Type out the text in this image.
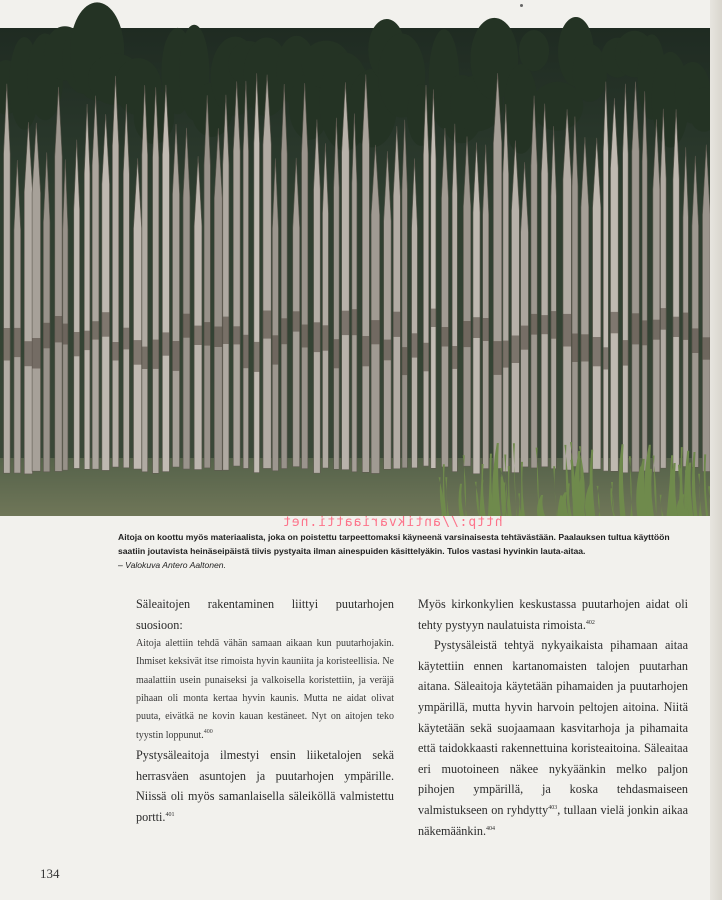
http://antikvariaatti.net
Aitoja on koottu myös materiaalista, joka on poistettu tarpeettomaksi käyneenä varsinaisesta tehtävästään. Paalauksen tultua käyttöön saatiin joutavista heinäseipäistä tiivis pystyaita ilman ainespuiden käsittelyäkin. Tulos vastasi hyvinkin lauta-aitaa.
– Valokuva Antero Aaltonen.

Säleaitojen rakentaminen liittyi puutarhojen suosioon:

Aitoja alettiin tehdä vähän samaan aikaan kun puutarhojakin. Ihmiset keksivät itse rimoista hyvin kauniita ja koristeellisia. Ne maalattiin usein punaiseksi ja valkoisella koristettiin, ja veräjä pihaan oli monta kertaa hyvin kaunis. Mutta ne aidat olivat puuta, eivätkä ne kovin kauan kestäneet. Nyt on aitojen teko tyystin loppunut.$^{400}$

Pystysäleaitoja ilmestyi ensin liiketalojen sekä herrasväen asuntojen ja puutarhojen ympärille. Niissä oli myös samanlaisella säleiköllä valmistettu portti.$^{401}$

Myös kirkonkylien keskustassa puutarhojen aidat oli tehty pystyyn naulatuista rimoista.$^{402}$

Pystysäleistä tehtyä nykyaikaista pihamaan aitaa käytettiin ennen kartanomaisten talojen puutarhan aitana. Säleaitoja käytetään pihamaiden ja puutarhojen ympärillä, mutta hyvin harvoin peltojen aitoina. Niitä käytetään sekä suojaamaan kasvitarhoja ja pihamaita että taidokkaasti rakennettuina koristeaitoina. Säleaitaa eri muotoineen näkee nykyäänkin melko paljon pihojen ympärillä, ja koska tehdasmaiseen valmistukseen on ryhdytty$^{403}$, tullaan vielä jonkin aikaa näkemäänkin.$^{404}$

134
